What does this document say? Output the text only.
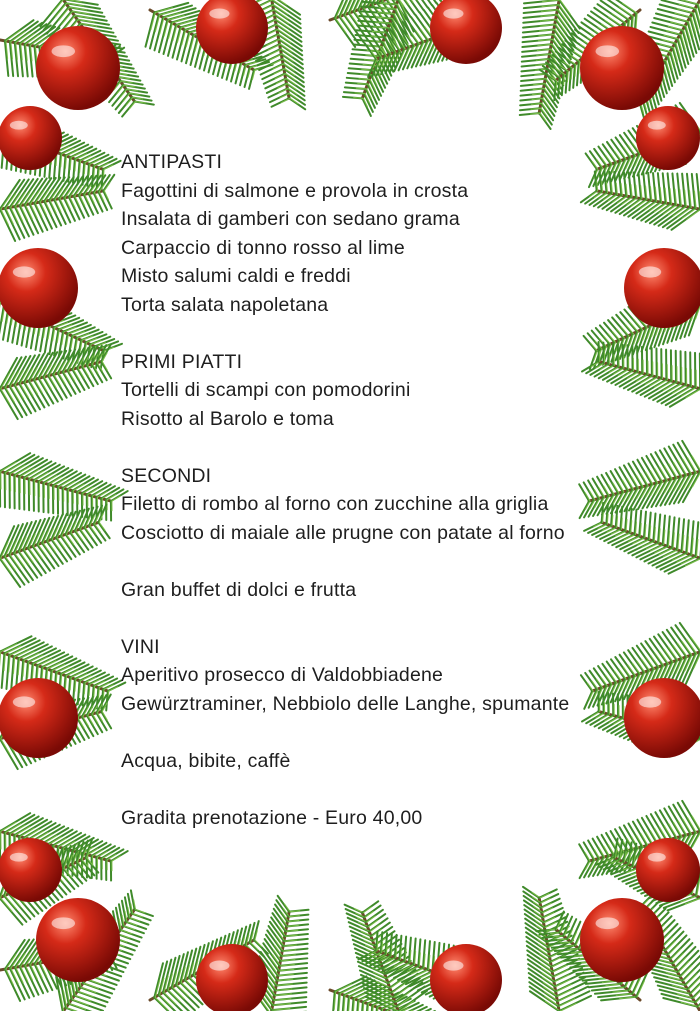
ANTIPASTI
Fagottini di salmone e provola in crosta
Insalata di gamberi con sedano grama
Carpaccio di tonno rosso al lime
Misto salumi caldi e freddi
Torta salata napoletana
PRIMI PIATTI
Tortelli di scampi con pomodorini
Risotto al Barolo e toma
SECONDI
Filetto di rombo al forno con zucchine alla griglia
Cosciotto di maiale alle prugne con patate al forno
Gran buffet di dolci e frutta
VINI
Aperitivo prosecco di Valdobbiadene
Gewürztraminer, Nebbiolo delle Langhe, spumante
Acqua, bibite, caffè
Gradita prenotazione - Euro 40,00
